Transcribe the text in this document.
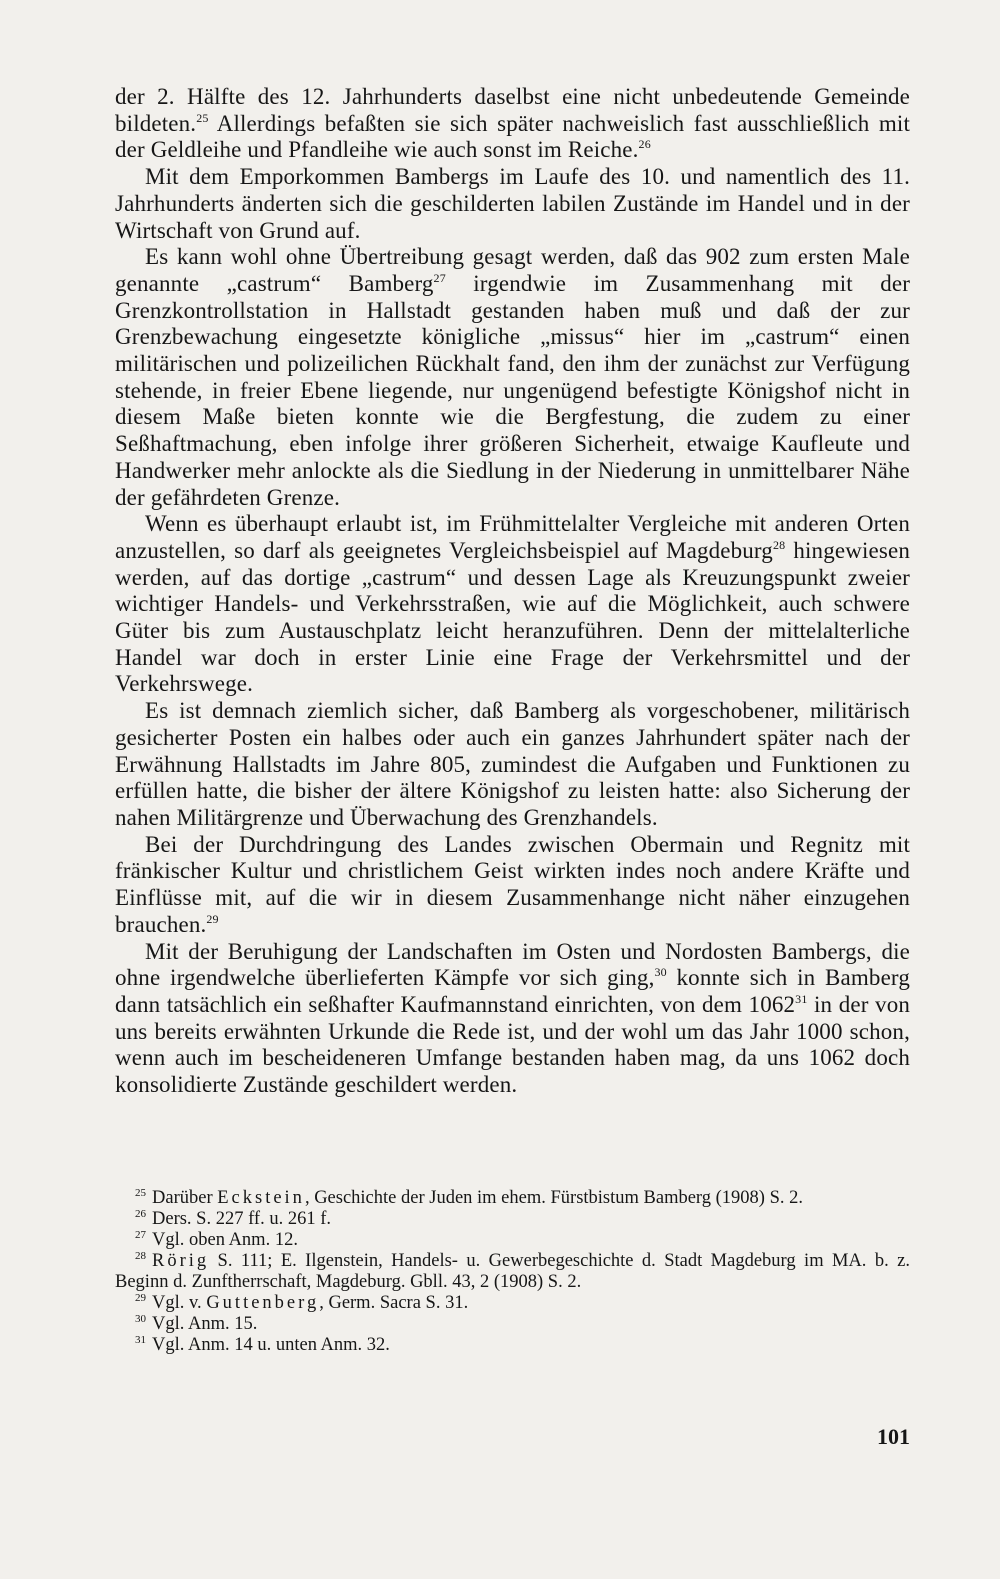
der 2. Hälfte des 12. Jahrhunderts daselbst eine nicht unbedeutende Gemeinde bildeten.$^{25}$ Allerdings befaßten sie sich später nachweislich fast ausschließlich mit der Geldleihe und Pfandleihe wie auch sonst im Reiche.$^{26}$

Mit dem Emporkommen Bambergs im Laufe des 10. und namentlich des 11. Jahrhunderts änderten sich die geschilderten labilen Zustände im Handel und in der Wirtschaft von Grund auf.

Es kann wohl ohne Übertreibung gesagt werden, daß das 902 zum ersten Male genannte „castrum“ Bamberg$^{27}$ irgendwie im Zusammenhang mit der Grenzkontrollstation in Hallstadt gestanden haben muß und daß der zur Grenzbewachung eingesetzte königliche „missus“ hier im „castrum“ einen militärischen und polizeilichen Rückhalt fand, den ihm der zunächst zur Verfügung stehende, in freier Ebene liegende, nur ungenügend befestigte Königshof nicht in diesem Maße bieten konnte wie die Bergfestung, die zudem zu einer Seßhaftmachung, eben infolge ihrer größeren Sicherheit, etwaige Kaufleute und Handwerker mehr anlockte als die Siedlung in der Niederung in unmittelbarer Nähe der gefährdeten Grenze.

Wenn es überhaupt erlaubt ist, im Frühmittelalter Vergleiche mit anderen Orten anzustellen, so darf als geeignetes Vergleichsbeispiel auf Magdeburg$^{28}$ hingewiesen werden, auf das dortige „castrum“ und dessen Lage als Kreuzungspunkt zweier wichtiger Handels- und Verkehrsstraßen, wie auf die Möglichkeit, auch schwere Güter bis zum Austauschplatz leicht heranzuführen. Denn der mittelalterliche Handel war doch in erster Linie eine Frage der Verkehrsmittel und der Verkehrswege.

Es ist demnach ziemlich sicher, daß Bamberg als vorgeschobener, militärisch gesicherter Posten ein halbes oder auch ein ganzes Jahrhundert später nach der Erwähnung Hallstadts im Jahre 805, zumindest die Aufgaben und Funktionen zu erfüllen hatte, die bisher der ältere Königshof zu leisten hatte: also Sicherung der nahen Militärgrenze und Überwachung des Grenzhandels.

Bei der Durchdringung des Landes zwischen Obermain und Regnitz mit fränkischer Kultur und christlichem Geist wirkten indes noch andere Kräfte und Einflüsse mit, auf die wir in diesem Zusammenhange nicht näher einzugehen brauchen.$^{29}$

Mit der Beruhigung der Landschaften im Osten und Nordosten Bambergs, die ohne irgendwelche überlieferten Kämpfe vor sich ging,$^{30}$ konnte sich in Bamberg dann tatsächlich ein seßhafter Kaufmannstand einrichten, von dem 1062$^{31}$ in der von uns bereits erwähnten Urkunde die Rede ist, und der wohl um das Jahr 1000 schon, wenn auch im bescheideneren Umfange bestanden haben mag, da uns 1062 doch konsolidierte Zustände geschildert werden.

$^{25}$ Darüber Eckstein, Geschichte der Juden im ehem. Fürstbistum Bamberg (1908) S. 2.

$^{26}$ Ders. S. 227 ff. u. 261 f.

$^{27}$ Vgl. oben Anm. 12.

$^{28}$ Rörig S. 111; E. Ilgenstein, Handels- u. Gewerbegeschichte d. Stadt Magdeburg im MA. b. z. Beginn d. Zunftherrschaft, Magdeburg. Gbll. 43, 2 (1908) S. 2.

$^{29}$ Vgl. v. Guttenberg, Germ. Sacra S. 31.

$^{30}$ Vgl. Anm. 15.

$^{31}$ Vgl. Anm. 14 u. unten Anm. 32.

101
